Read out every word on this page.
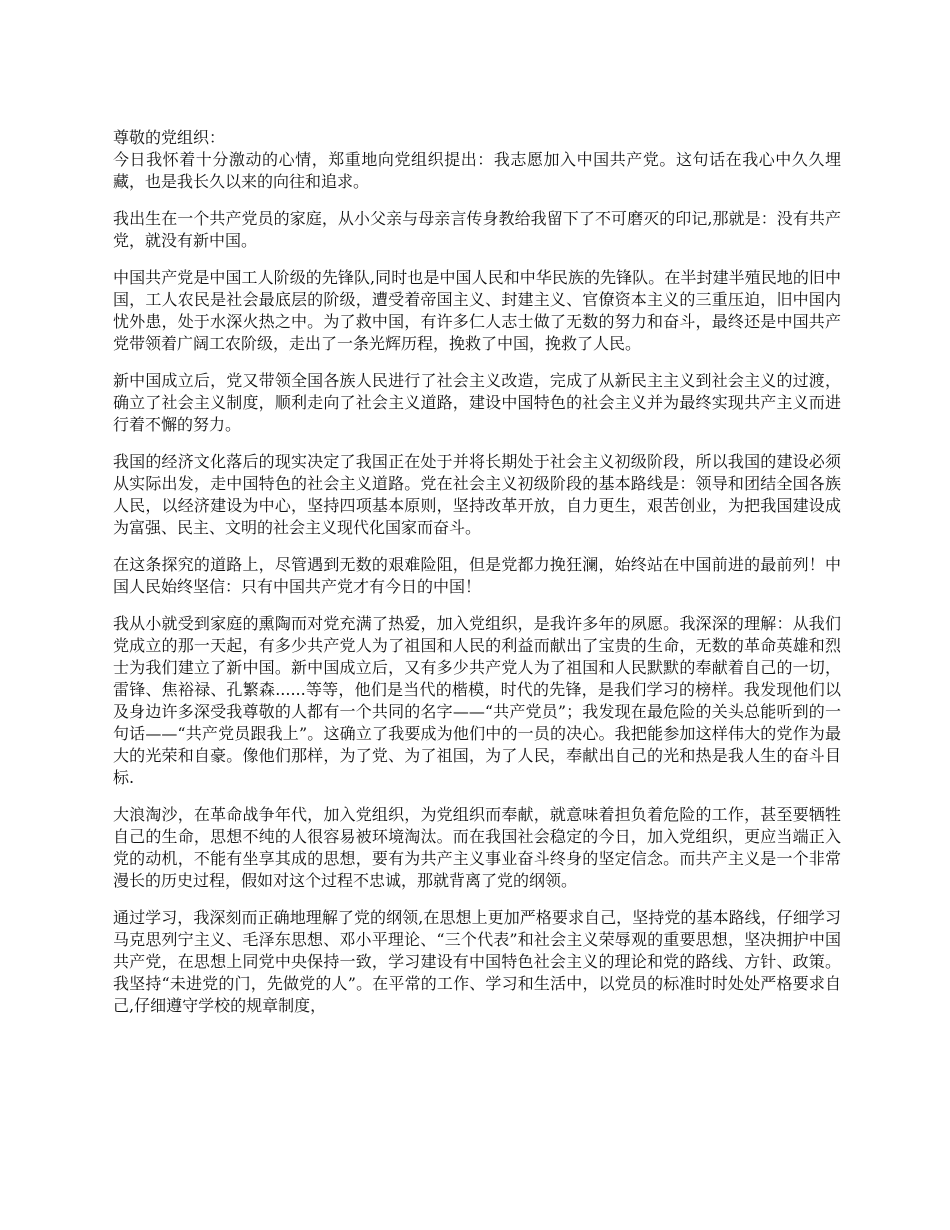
尊敬的党组织：

今日我怀着十分激动的心情，郑重地向党组织提出：我志愿加入中国共产党。这句话在我心中久久埋藏，也是我长久以来的向往和追求。

我出生在一个共产党员的家庭，从小父亲与母亲言传身教给我留下了不可磨灭的印记,那就是：没有共产党，就没有新中国。

中国共产党是中国工人阶级的先锋队,同时也是中国人民和中华民族的先锋队。在半封建半殖民地的旧中国，工人农民是社会最底层的阶级，遭受着帝国主义、封建主义、官僚资本主义的三重压迫，旧中国内忧外患，处于水深火热之中。为了救中国，有许多仁人志士做了无数的努力和奋斗，最终还是中国共产党带领着广阔工农阶级，走出了一条光辉历程，挽救了中国，挽救了人民。

新中国成立后，党又带领全国各族人民进行了社会主义改造，完成了从新民主主义到社会主义的过渡，确立了社会主义制度，顺利走向了社会主义道路，建设中国特色的社会主义并为最终实现共产主义而进行着不懈的努力。

我国的经济文化落后的现实决定了我国正在处于并将长期处于社会主义初级阶段，所以我国的建设必须从实际出发，走中国特色的社会主义道路。党在社会主义初级阶段的基本路线是：领导和团结全国各族人民，以经济建设为中心，坚持四项基本原则，坚持改革开放，自力更生，艰苦创业，为把我国建设成为富强、民主、文明的社会主义现代化国家而奋斗。

在这条探究的道路上，尽管遇到无数的艰难险阻，但是党都力挽狂澜，始终站在中国前进的最前列！中国人民始终坚信：只有中国共产党才有今日的中国！

我从小就受到家庭的熏陶而对党充满了热爱，加入党组织，是我许多年的夙愿。我深深的理解：从我们党成立的那一天起，有多少共产党人为了祖国和人民的利益而献出了宝贵的生命，无数的革命英雄和烈士为我们建立了新中国。新中国成立后，又有多少共产党人为了祖国和人民默默的奉献着自己的一切，雷锋、焦裕禄、孔繁森......等等，他们是当代的楷模，时代的先锋，是我们学习的榜样。我发现他们以及身边许多深受我尊敬的人都有一个共同的名字——“共产党员”；我发现在最危险的关头总能听到的一句话——“共产党员跟我上”。这确立了我要成为他们中的一员的决心。我把能参加这样伟大的党作为最大的光荣和自豪。像他们那样，为了党、为了祖国，为了人民，奉献出自己的光和热是我人生的奋斗目标.

大浪淘沙，在革命战争年代，加入党组织，为党组织而奉献，就意味着担负着危险的工作，甚至要牺牲自己的生命，思想不纯的人很容易被环境淘汰。而在我国社会稳定的今日，加入党组织，更应当端正入党的动机，不能有坐享其成的思想，要有为共产主义事业奋斗终身的坚定信念。而共产主义是一个非常漫长的历史过程，假如对这个过程不忠诚，那就背离了党的纲领。

通过学习，我深刻而正确地理解了党的纲领,在思想上更加严格要求自己，坚持党的基本路线，仔细学习马克思列宁主义、毛泽东思想、邓小平理论、“三个代表”和社会主义荣辱观的重要思想，坚决拥护中国共产党，在思想上同党中央保持一致，学习建设有中国特色社会主义的理论和党的路线、方针、政策。我坚持“未进党的门，先做党的人”。在平常的工作、学习和生活中，以党员的标准时时处处严格要求自己,仔细遵守学校的规章制度，
